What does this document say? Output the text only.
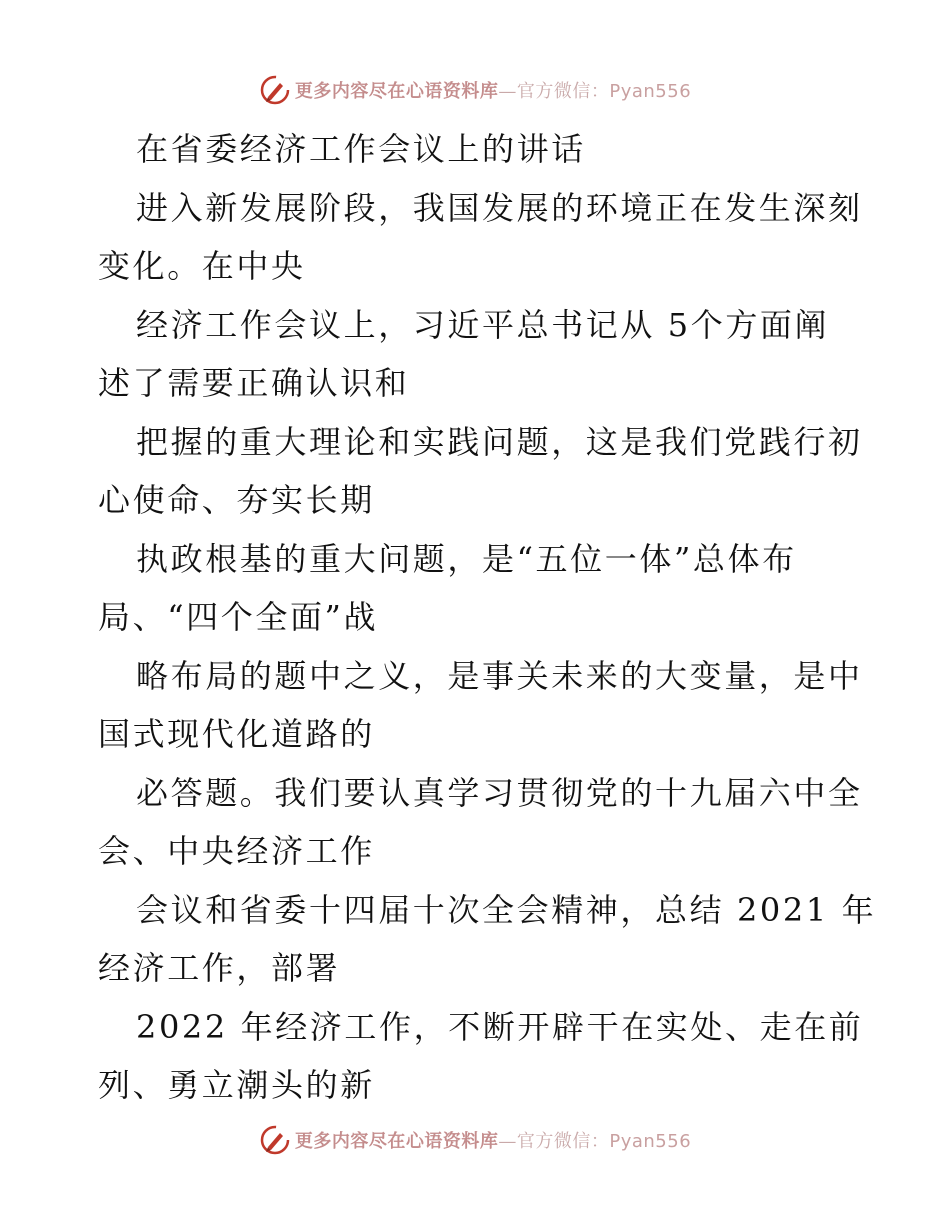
更多内容尽在心语资料库—官方微信：Pyan556
在省委经济工作会议上的讲话
进入新发展阶段，我国发展的环境正在发生深刻
变化。在中央
经济工作会议上，习近平总书记从 5个方面阐
述了需要正确认识和
把握的重大理论和实践问题，这是我们党践行初
心使命、夯实长期
执政根基的重大问题，是“五位一体”总体布
局、“四个全面”战
略布局的题中之义，是事关未来的大变量，是中
国式现代化道路的
必答题。我们要认真学习贯彻党的十九届六中全
会、中央经济工作
会议和省委十四届十次全会精神，总结 2021 年
经济工作，部署
2022 年经济工作，不断开辟干在实处、走在前
列、勇立潮头的新
更多内容尽在心语资料库—官方微信：Pyan556
